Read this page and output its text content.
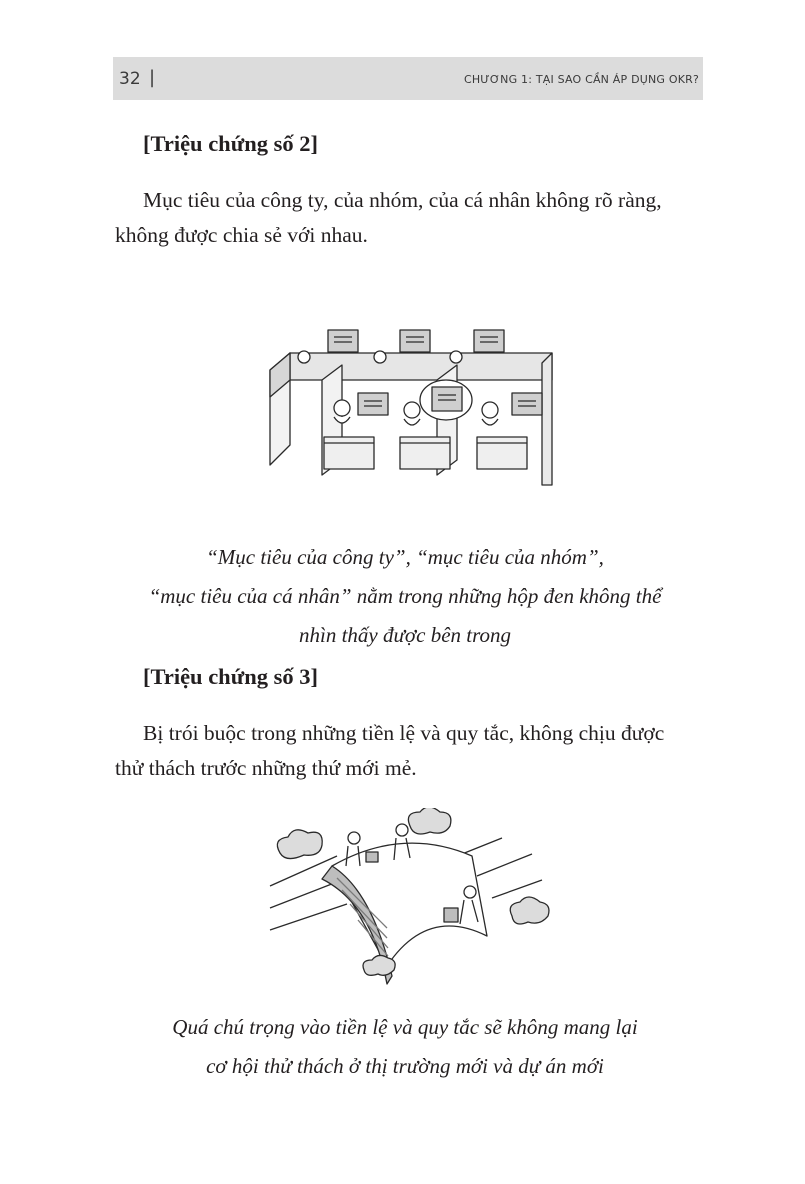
32 |	CHƯƠNG 1: TẠI SAO CẦN ÁP DỤNG OKR?
[Triệu chứng số 2]
Mục tiêu của công ty, của nhóm, của cá nhân không rõ ràng,
không được chia sẻ với nhau.
“Mục tiêu của công ty”, “mục tiêu của nhóm”,
“mục tiêu của cá nhân” nằm trong những hộp đen không thể
nhìn thấy được bên trong
[Triệu chứng số 3]
Bị trói buộc trong những tiền lệ và quy tắc, không chịu được
thử thách trước những thứ mới mẻ.
Quá chú trọng vào tiền lệ và quy tắc sẽ không mang lại
cơ hội thử thách ở thị trường mới và dự án mới
